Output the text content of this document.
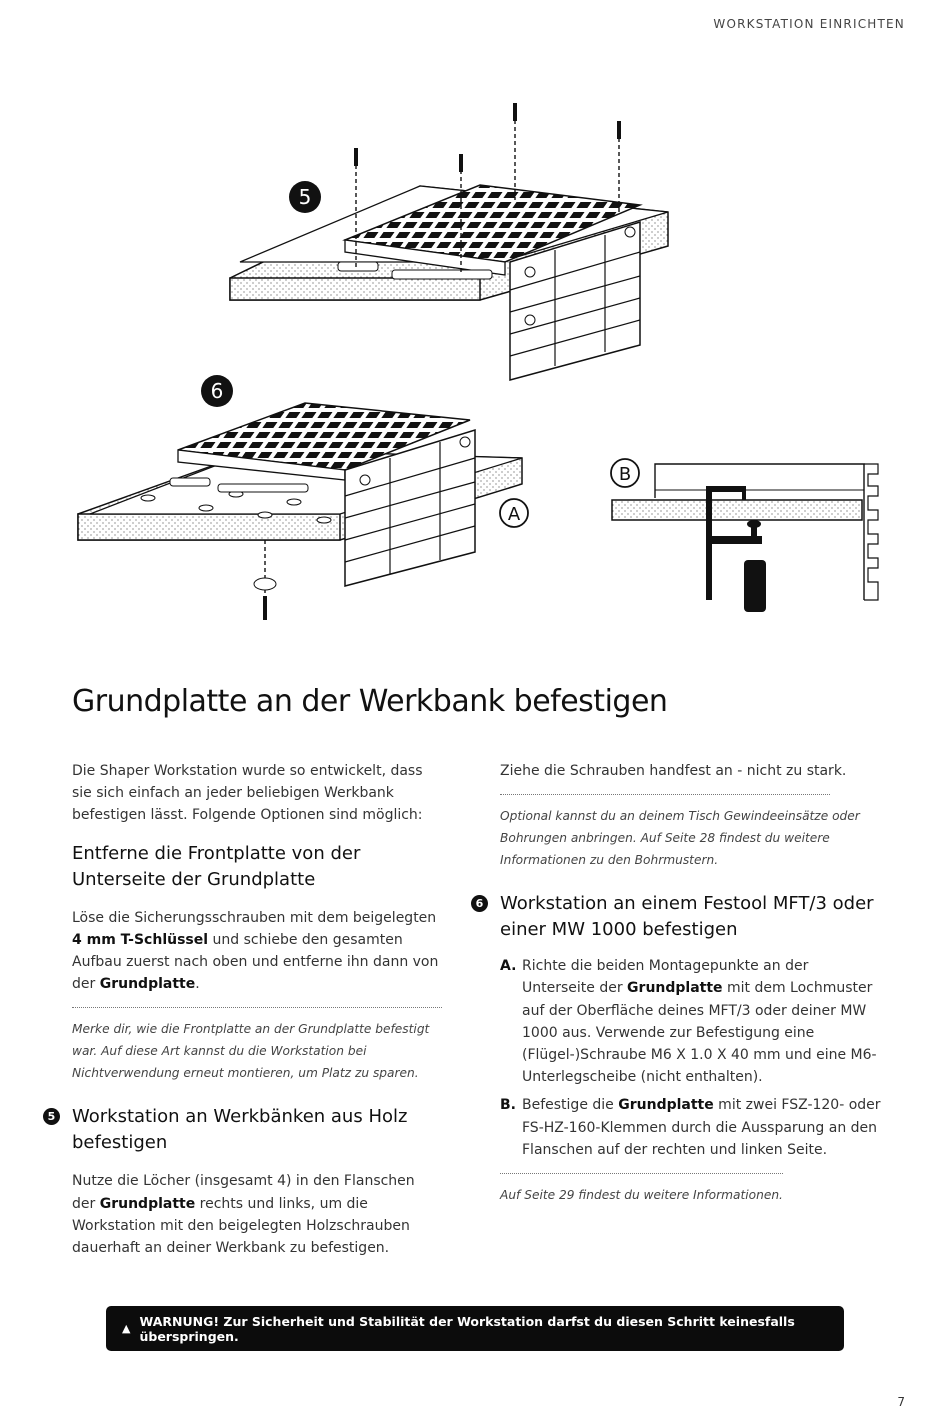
WORKSTATION EINRICHTEN
5
6
A
B
Grundplatte an der Werkbank befestigen

Die Shaper Workstation wurde so entwickelt, dass sie sich einfach an jeder beliebigen Werkbank befestigen lässt. Folgende Optionen sind möglich:

Entferne die Frontplatte von der Unterseite der Grundplatte

Löse die Sicherungsschrauben mit dem beigelegten 4 mm T-Schlüssel und schiebe den gesamten Aufbau zuerst nach oben und entferne ihn dann von der Grundplatte.

Merke dir, wie die Frontplatte an der Grundplatte befestigt war. Auf diese Art kannst du die Workstation bei Nichtverwendung erneut montieren, um Platz zu sparen.

5 Workstation an Werkbänken aus Holz befestigen

Nutze die Löcher (insgesamt 4) in den Flanschen der Grundplatte rechts und links, um die Workstation mit den beigelegten Holzschrauben dauerhaft an deiner Werkbank zu befestigen.

Ziehe die Schrauben handfest an - nicht zu stark.

Optional kannst du an deinem Tisch Gewindeeinsätze oder Bohrungen anbringen. Auf Seite 28 findest du weitere Informationen zu den Bohrmustern.

6 Workstation an einem Festool MFT/3 oder einer MW 1000 befestigen
A. Richte die beiden Montagepunkte an der Unterseite der Grundplatte mit dem Lochmuster auf der Oberfläche deines MFT/3 oder deiner MW 1000 aus. Verwende zur Befestigung eine (Flügel-)Schraube M6 X 1.0 X 40 mm und eine M6-Unterlegscheibe (nicht enthalten).

B. Befestige die Grundplatte mit zwei FSZ-120- oder FS-HZ-160-Klemmen durch die Aussparung an den Flanschen auf der rechten und linken Seite.

Auf Seite 29 findest du weitere Informationen.

▲ WARNUNG! Zur Sicherheit und Stabilität der Workstation darfst du diesen Schritt keinesfalls überspringen.
7
